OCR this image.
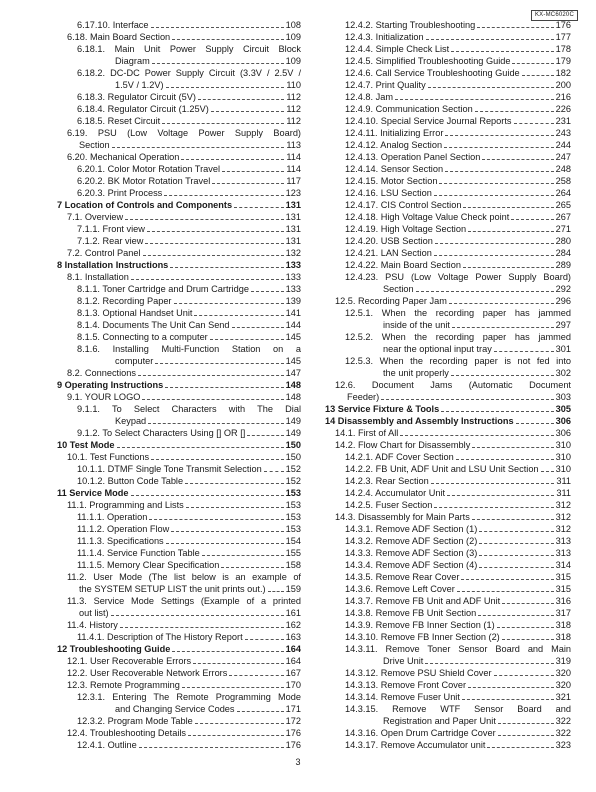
KX-MC6020C
6.17.10. Interface	108
6.18. Main Board Section	109
6.18.1. Main Unit Power Supply Circuit Block
Diagram	109
6.18.2. DC-DC Power Supply Circuit (3.3V / 2.5V /
1.5V / 1.2V)	110
6.18.3. Regulator Circuit (5V)	112
6.18.4. Regulator Circuit (1.25V)	112
6.18.5. Reset Circuit	112
6.19. PSU (Low Voltage Power Supply Board)
Section	113
6.20. Mechanical Operation	114
6.20.1. Color Motor Rotation Travel	114
6.20.2. BK Motor Rotation Travel	117
6.20.3. Print Process	123
7 Location of Controls and Components	131
7.1. Overview	131
7.1.1. Front view	131
7.1.2. Rear view	131
7.2. Control Panel	132
8 Installation Instructions	133
8.1. Installation	133
8.1.1. Toner Cartridge and Drum Cartridge	133
8.1.2. Recording Paper	139
8.1.3. Optional Handset Unit	141
8.1.4. Documents The Unit Can Send	144
8.1.5. Connecting to a computer	145
8.1.6. Installing Multi-Function Station on a
computer	145
8.2. Connections	147
9 Operating Instructions	148
9.1. YOUR LOGO	148
9.1.1. To Select Characters with The Dial
Keypad	149
9.1.2. To Select Characters Using [] OR []	149
10 Test Mode	150
10.1. Test Functions	150
10.1.1. DTMF Single Tone Transmit Selection	152
10.1.2. Button Code Table	152
11 Service Mode	153
11.1. Programming and Lists	153
11.1.1. Operation	153
11.1.2. Operation Flow	153
11.1.3. Specifications	154
11.1.4. Service Function Table	155
11.1.5. Memory Clear Specification	158
11.2. User Mode (The list below is an example of
the SYSTEM SETUP LIST the unit prints out.) 159
11.3. Service Mode Settings (Example of a printed
out list)	161
11.4. History	162
11.4.1. Description of The History Report	163
12 Troubleshooting Guide	164
12.1. User Recoverable Errors	164
12.2. User Recoverable Network Errors	167
12.3. Remote Programming	170
12.3.1. Entering The Remote Programming Mode
and Changing Service Codes	171
12.3.2. Program Mode Table	172
12.4. Troubleshooting Details	176
12.4.1. Outline	176
12.4.2. Starting Troubleshooting	176
12.4.3. Initialization	177
12.4.4. Simple Check List	178
12.4.5. Simplified Troubleshooting Guide	179
12.4.6. Call Service Troubleshooting Guide	182
12.4.7. Print Quality	200
12.4.8. Jam	216
12.4.9. Communication Section	226
12.4.10. Special Service Journal Reports	231
12.4.11. Initializing Error	243
12.4.12. Analog Section	244
12.4.13. Operation Panel Section	247
12.4.14. Sensor Section	248
12.4.15. Motor Section	258
12.4.16. LSU Section	264
12.4.17. CIS Control Section	265
12.4.18. High Voltage Value Check point	267
12.4.19. High Voltage Section	271
12.4.20. USB Section	280
12.4.21. LAN Section	284
12.4.22. Main Board Section	289
12.4.23. PSU (Low Voltage Power Supply Board)
Section	292
12.5. Recording Paper Jam	296
12.5.1. When the recording paper has jammed
inside of the unit	297
12.5.2. When the recording paper has jammed
near the optional input tray	301
12.5.3. When the recording paper is not fed into
the unit properly	302
12.6. Document Jams (Automatic Document
Feeder)	303
13 Service Fixture & Tools	305
14 Disassembly and Assembly Instructions	306
14.1. First of All	306
14.2. Flow Chart for Disassembly	310
14.2.1. ADF Cover Section	310
14.2.2. FB Unit, ADF Unit and LSU Unit Section 310
14.2.3. Rear Section	311
14.2.4. Accumulator Unit	311
14.2.5. Fuser Section	312
14.3. Disassembly for Main Parts	312
14.3.1. Remove ADF Section (1)	312
14.3.2. Remove ADF Section (2)	313
14.3.3. Remove ADF Section (3)	313
14.3.4. Remove ADF Section (4)	314
14.3.5. Remove Rear Cover	315
14.3.6. Remove Left Cover	315
14.3.7. Remove FB Unit and ADF Unit	316
14.3.8. Remove FB Unit Section	317
14.3.9. Remove FB Inner Section (1)	318
14.3.10. Remove FB Inner Section (2)	318
14.3.11. Remove Toner Sensor Board and Main
Drive Unit	319
14.3.12. Remove PSU Shield Cover	320
14.3.13. Remove Front Cover	320
14.3.14. Remove Fuser Unit	321
14.3.15. Remove WTF Sensor Board and
Registration and Paper Unit	322
14.3.16. Open Drum Cartridge Cover	322
14.3.17. Remove Accumulator unit	323
3
